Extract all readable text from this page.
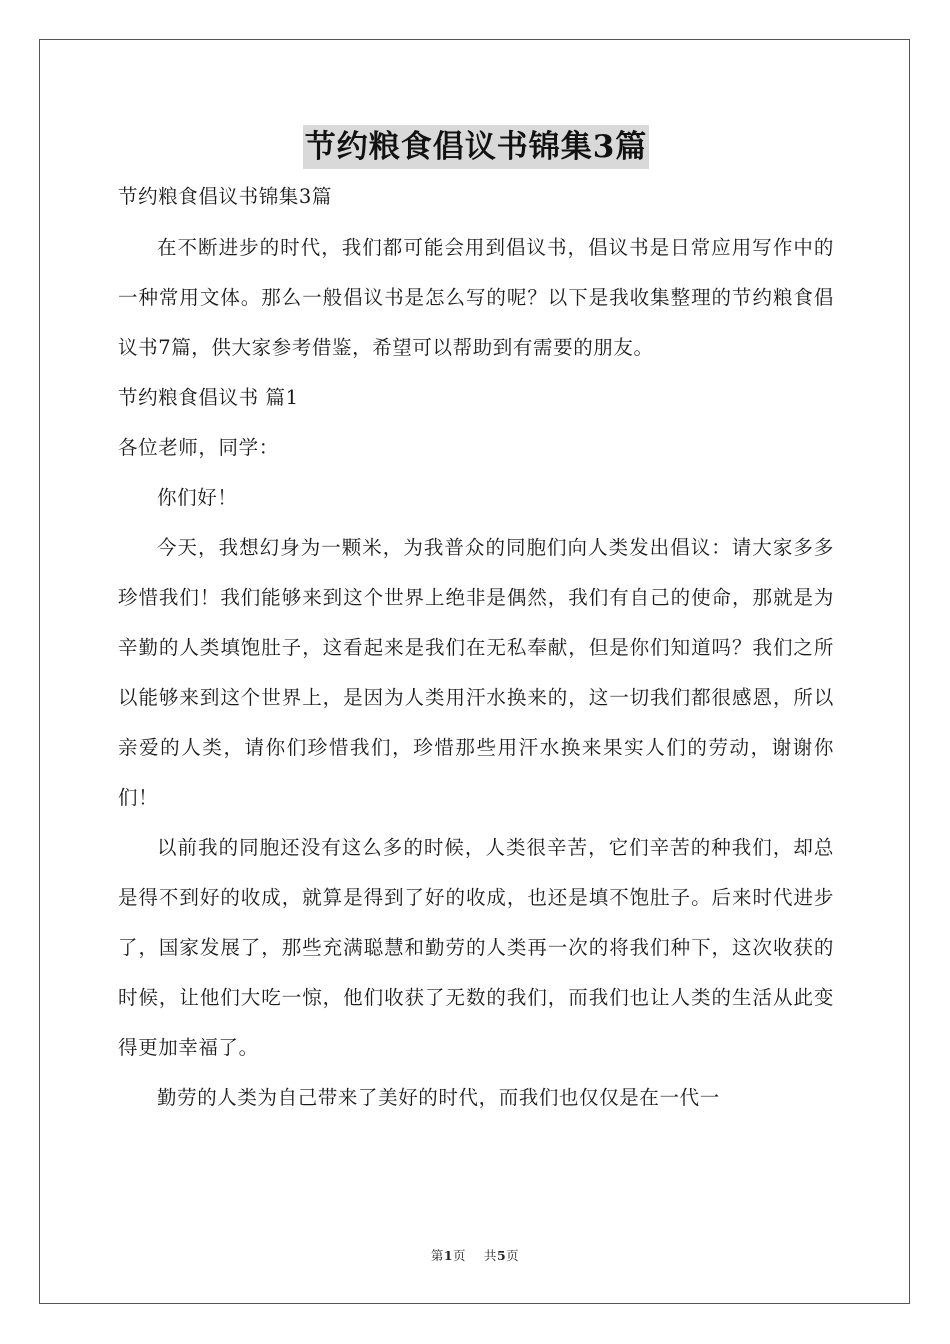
节约粮食倡议书锦集3篇
节约粮食倡议书锦集3篇
在不断进步的时代，我们都可能会用到倡议书，倡议书是日常应用写作中的一种常用文体。那么一般倡议书是怎么写的呢？以下是我收集整理的节约粮食倡议书7篇，供大家参考借鉴，希望可以帮助到有需要的朋友。
节约粮食倡议书 篇1
各位老师，同学：
你们好！
今天，我想幻身为一颗米，为我普众的同胞们向人类发出倡议：请大家多多珍惜我们！我们能够来到这个世界上绝非是偶然，我们有自己的使命，那就是为辛勤的人类填饱肚子，这看起来是我们在无私奉献，但是你们知道吗？我们之所以能够来到这个世界上，是因为人类用汗水换来的，这一切我们都很感恩，所以亲爱的人类，请你们珍惜我们，珍惜那些用汗水换来果实人们的劳动，谢谢你们！
以前我的同胞还没有这么多的时候，人类很辛苦，它们辛苦的种我们，却总是得不到好的收成，就算是得到了好的收成，也还是填不饱肚子。后来时代进步了，国家发展了，那些充满聪慧和勤劳的人类再一次的将我们种下，这次收获的时候，让他们大吃一惊，他们收获了无数的我们，而我们也让人类的生活从此变得更加幸福了。
勤劳的人类为自己带来了美好的时代，而我们也仅仅是在一代一
第1页 共5页
